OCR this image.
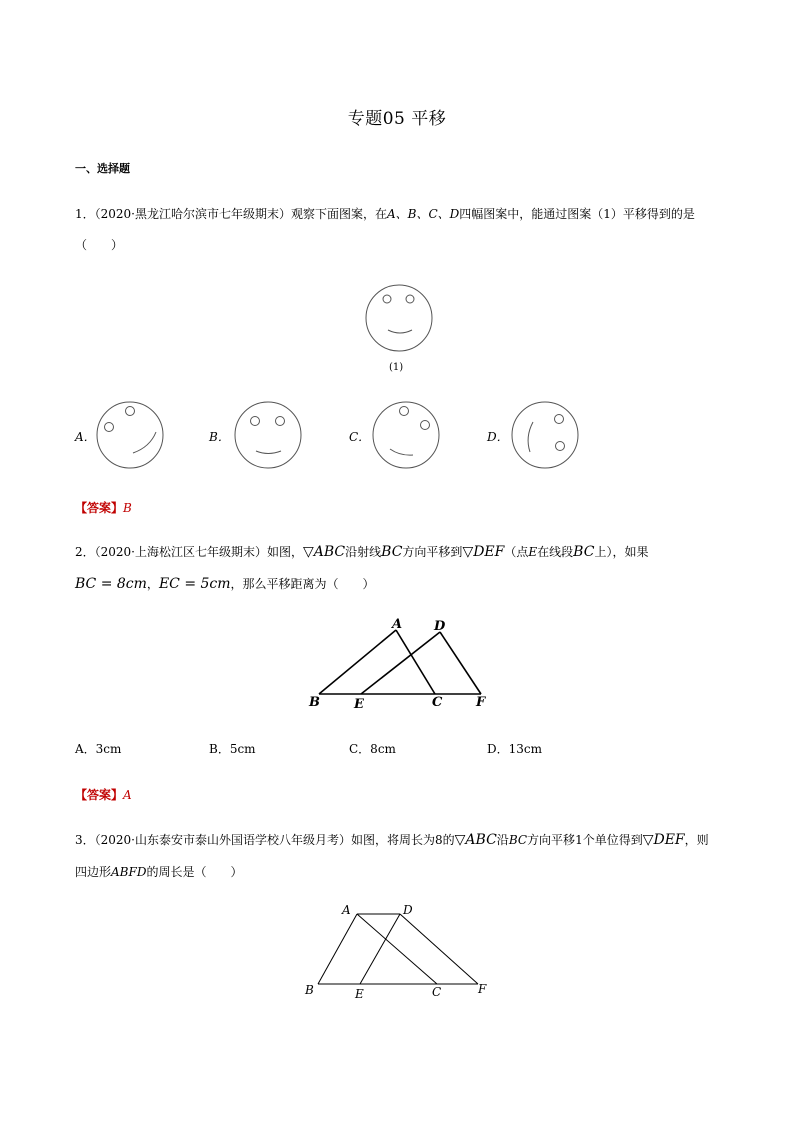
专题05 平移
一、选择题
1．（2020·黑龙江哈尔滨市七年级期末）观察下面图案，在A、B、C、D四幅图案中，能通过图案（1）平移得到的是
（　　）
(1)
A．	B．	C．	D．
【答案】B
2．（2020·上海松江区七年级期末）如图，▽ABC沿射线BC方向平移到▽DEF（点E在线段BC上），如果
BC = 8cm，EC = 5cm，那么平移距离为（　　）
A D
B	E	C	F
A．3cm	B．5cm	C．8cm	D．13cm
【答案】A
3．（2020·山东泰安市泰山外国语学校八年级月考）如图，将周长为8的▽ABC沿BC方向平移1个单位得到▽DEF，则
四边形ABFD的周长是（　　）
A	D
B	E	C	F
